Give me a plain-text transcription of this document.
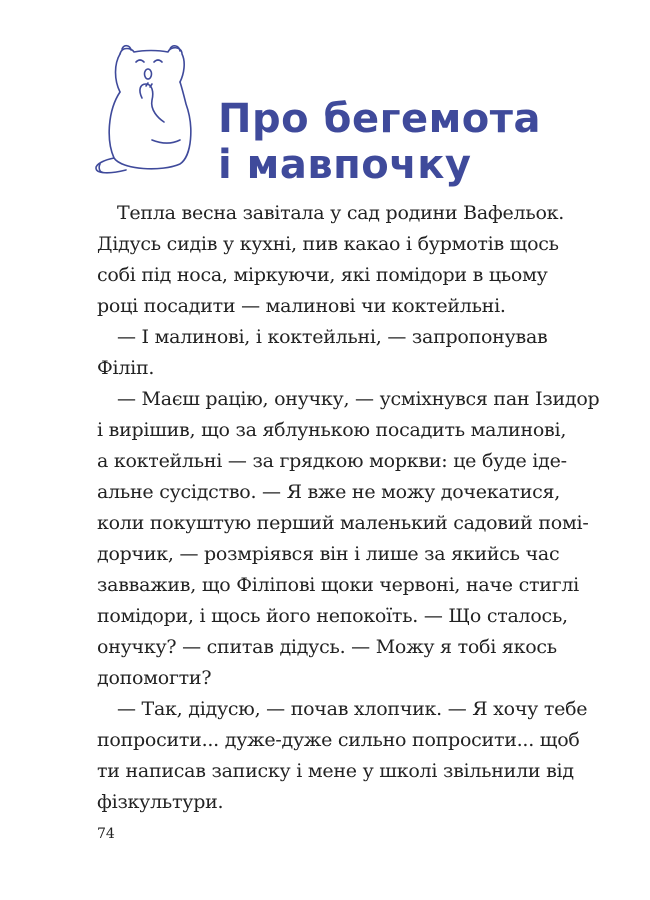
Про бегемота
і мавпочку
Тепла весна завітала у сад родини Вафельок.
Дідусь сидів у кухні, пив какао і бурмотів щось
собі під носа, міркуючи, які помідори в цьому
році посадити — малинові чи коктейльні.
— І малинові, і коктейльні, — запропонував
Філіп.
— Маєш рацію, онучку, — усміхнувся пан Ізидор
і вирішив, що за яблунькою посадить малинові,
а коктейльні — за грядкою моркви: це буде іде-
альне сусідство. — Я вже не можу дочекатися,
коли покуштую перший маленький садовий помі-
дорчик, — розмріявся він і лише за якийсь час
завважив, що Філіпові щоки червоні, наче стиглі
помідори, і щось його непокоїть. — Що сталось,
онучку? — спитав дідусь. — Можу я тобі якось
допомогти?
— Так, дідусю, — почав хлопчик. — Я хочу тебе
попросити... дуже-дуже сильно попросити... щоб
ти написав записку і мене у школі звільнили від
фізкультури.
74
